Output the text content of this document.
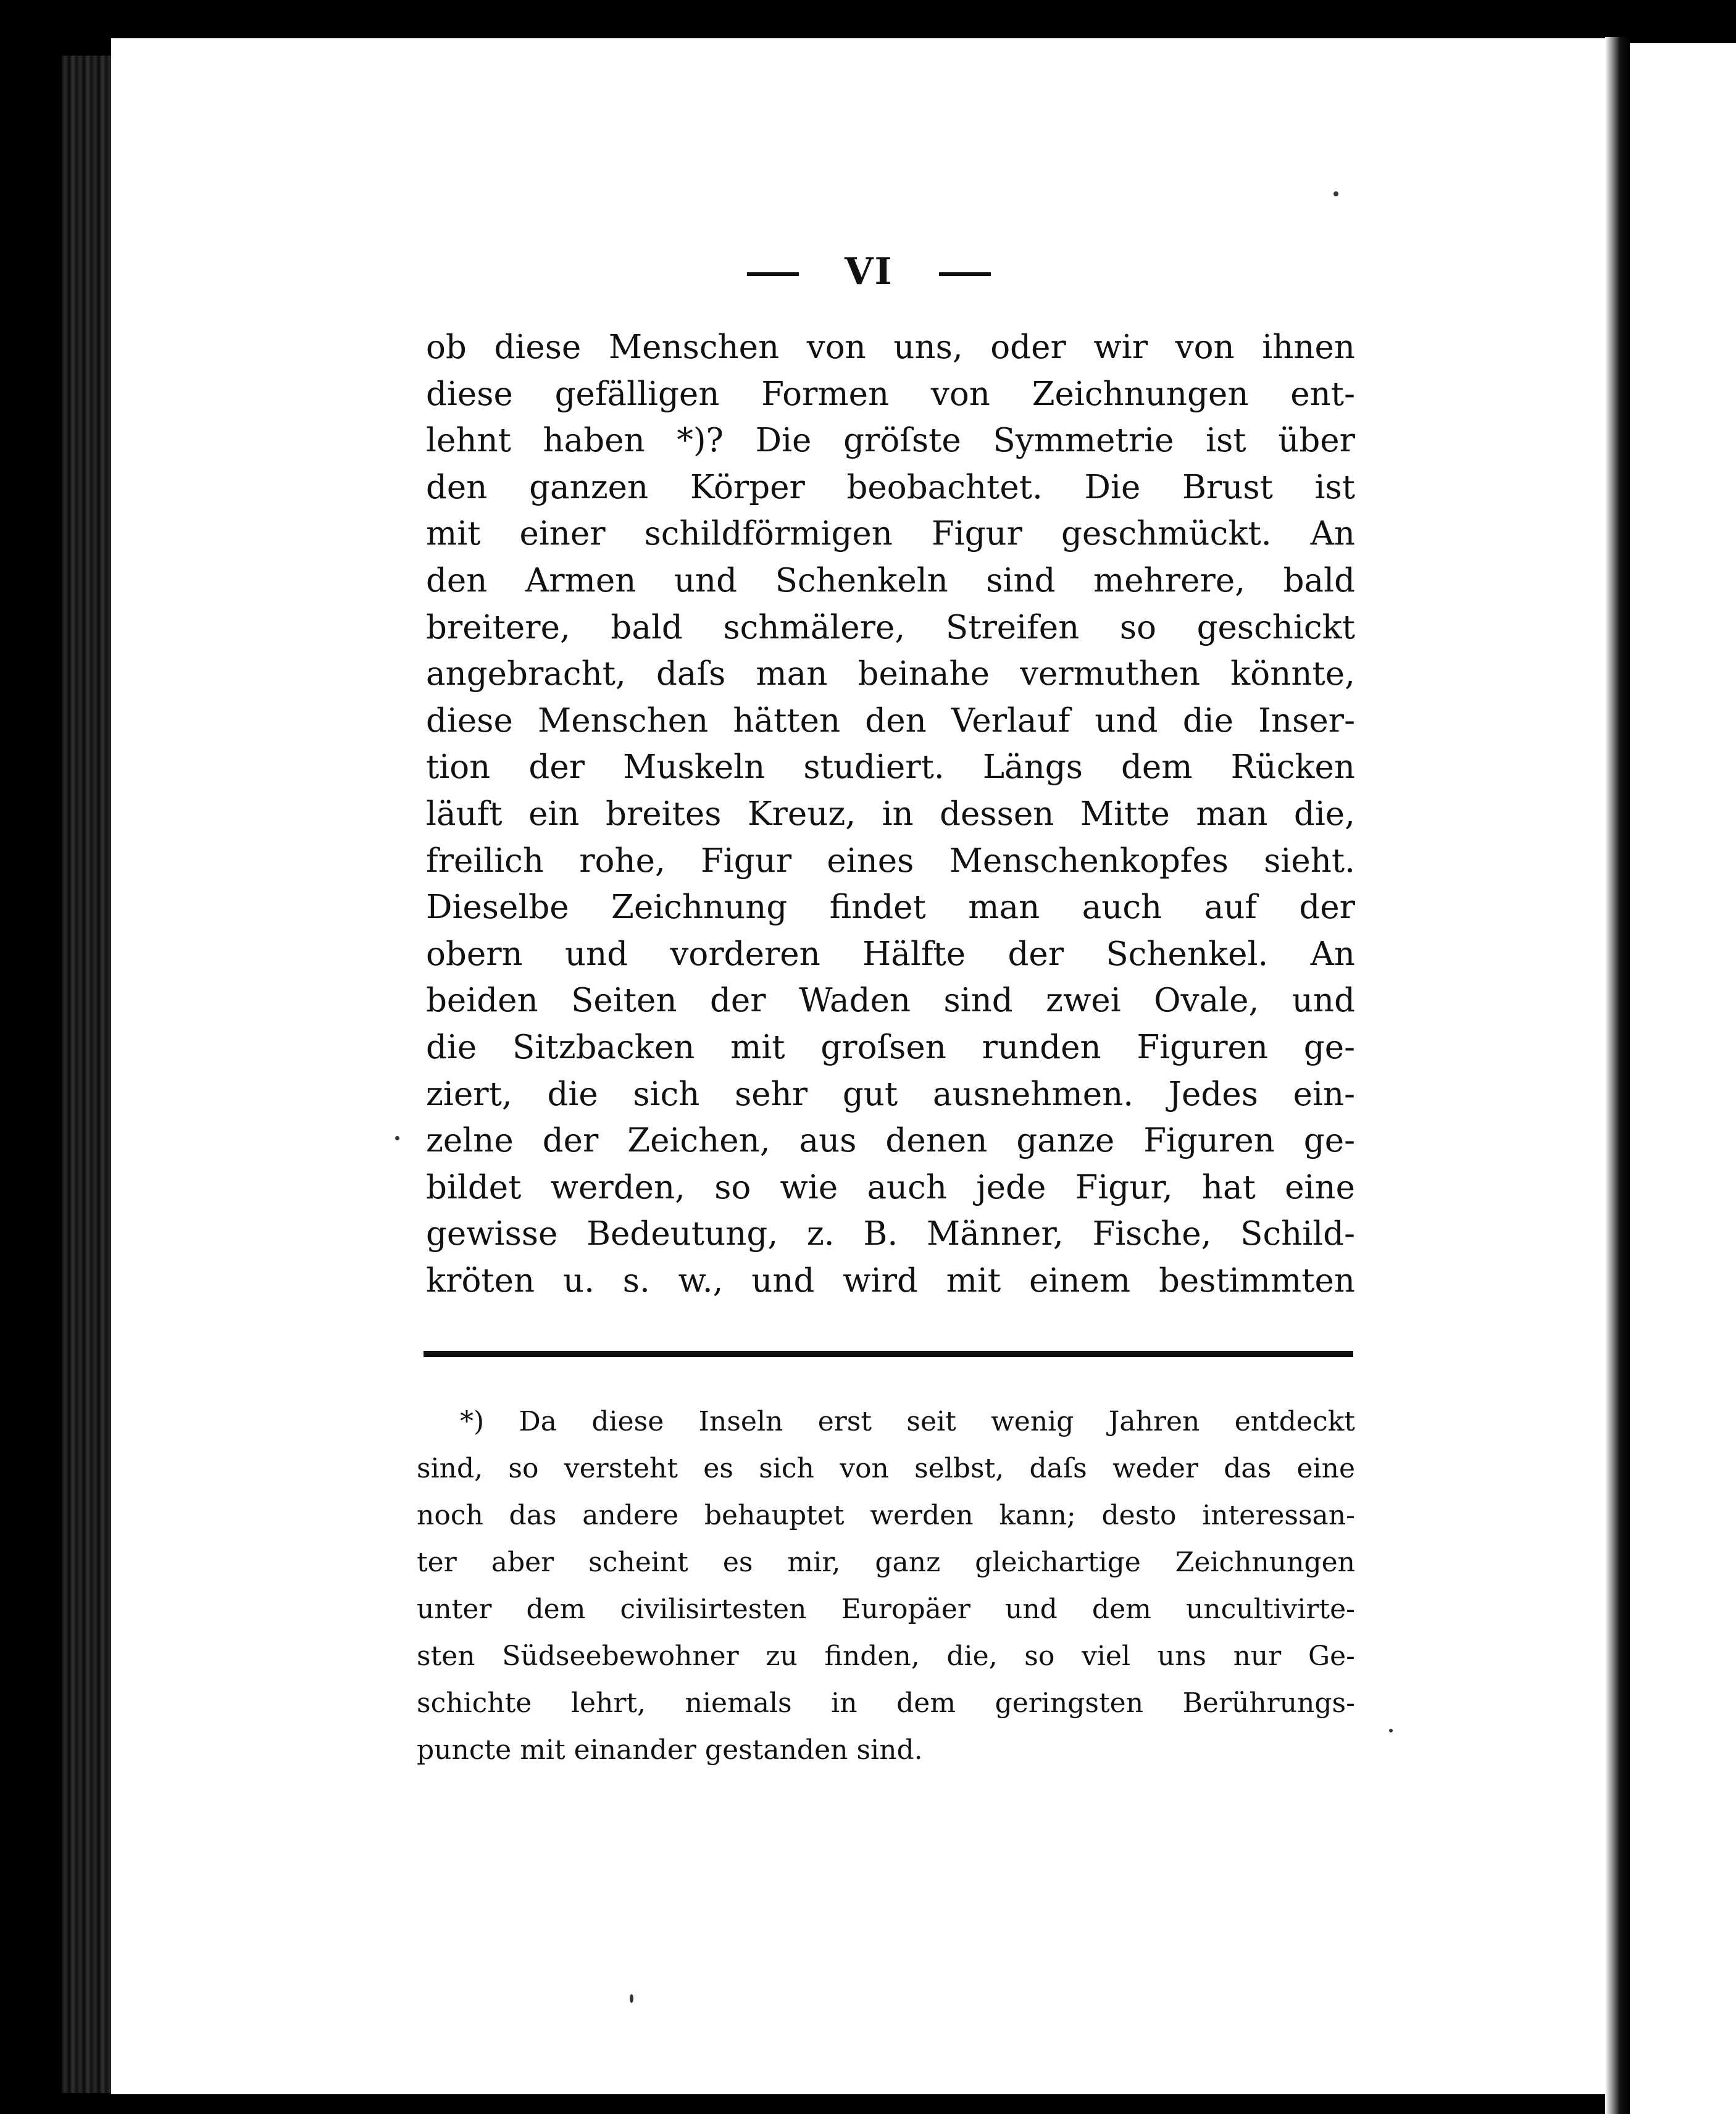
VI
ob diese Menschen von uns, oder wir von ihnen
diese gefälligen Formen von Zeichnungen ent-
lehnt haben *)? Die gröſste Symmetrie ist über
den ganzen Körper beobachtet. Die Brust ist
mit einer schildförmigen Figur geschmückt. An
den Armen und Schenkeln sind mehrere, bald
breitere, bald schmälere, Streifen so geschickt
angebracht, daſs man beinahe vermuthen könnte,
diese Menschen hätten den Verlauf und die Inser-
tion der Muskeln studiert. Längs dem Rücken
läuft ein breites Kreuz, in dessen Mitte man die,
freilich rohe, Figur eines Menschenkopfes sieht.
Dieselbe Zeichnung findet man auch auf der
obern und vorderen Hälfte der Schenkel. An
beiden Seiten der Waden sind zwei Ovale, und
die Sitzbacken mit groſsen runden Figuren ge-
ziert, die sich sehr gut ausnehmen. Jedes ein-
zelne der Zeichen, aus denen ganze Figuren ge-
bildet werden, so wie auch jede Figur, hat eine
gewisse Bedeutung, z. B. Männer, Fische, Schild-
kröten u. s. w., und wird mit einem bestimmten
*) Da diese Inseln erst seit wenig Jahren entdeckt
sind, so versteht es sich von selbst, daſs weder das eine
noch das andere behauptet werden kann; desto interessan-
ter aber scheint es mir, ganz gleichartige Zeichnungen
unter dem civilisirtesten Europäer und dem uncultivirte-
sten Südseebewohner zu finden, die, so viel uns nur Ge-
schichte lehrt, niemals in dem geringsten Berührungs-
puncte mit einander gestanden sind.
